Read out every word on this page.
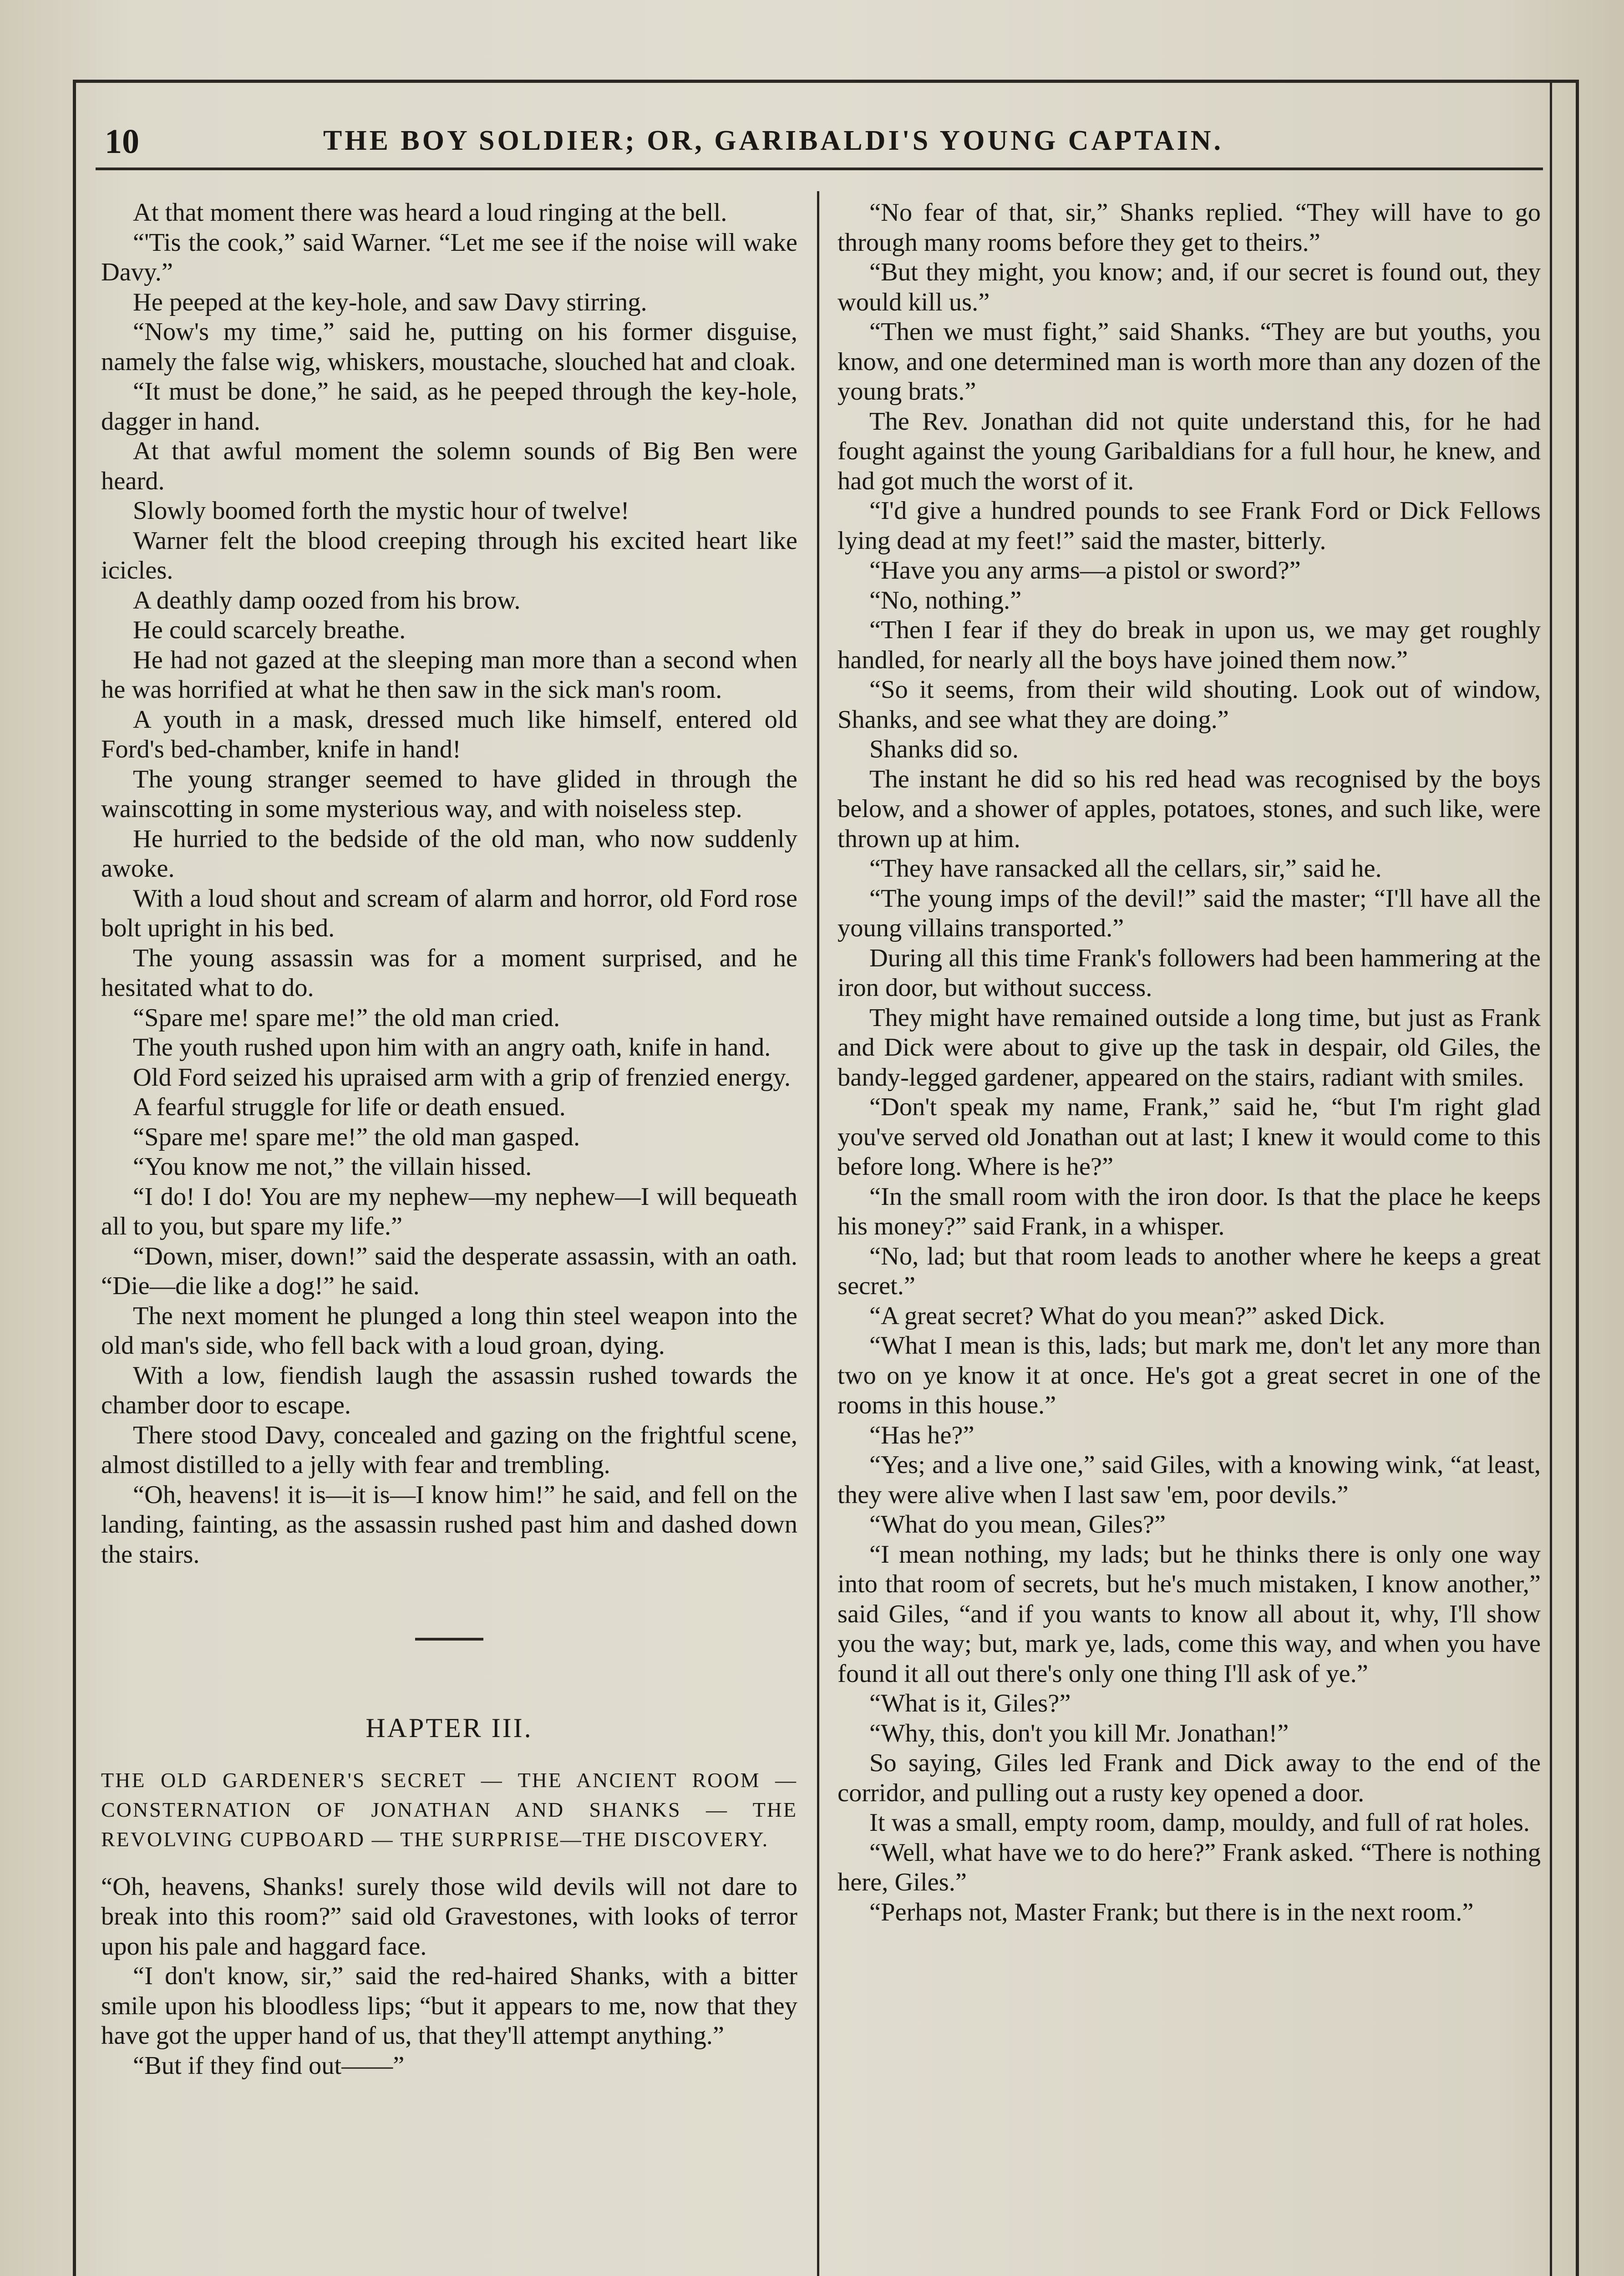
10	THE BOY SOLDIER; OR, GARIBALDI'S YOUNG CAPTAIN.

At that moment there was heard a loud ringing at the bell.

“'Tis the cook,” said Warner. “Let me see if the noise will wake Davy.”

He peeped at the key-hole, and saw Davy stirring.

“Now's my time,” said he, putting on his former disguise, namely the false wig, whiskers, moustache, slouched hat and cloak.

“It must be done,” he said, as he peeped through the key-hole, dagger in hand.

At that awful moment the solemn sounds of Big Ben were heard.

Slowly boomed forth the mystic hour of twelve!

Warner felt the blood creeping through his excited heart like icicles.

A deathly damp oozed from his brow.

He could scarcely breathe.

He had not gazed at the sleeping man more than a second when he was horrified at what he then saw in the sick man's room.

A youth in a mask, dressed much like himself, entered old Ford's bed-chamber, knife in hand!

The young stranger seemed to have glided in through the wainscotting in some mysterious way, and with noiseless step.

He hurried to the bedside of the old man, who now suddenly awoke.

With a loud shout and scream of alarm and horror, old Ford rose bolt upright in his bed.

The young assassin was for a moment surprised, and he hesitated what to do.

“Spare me! spare me!” the old man cried.

The youth rushed upon him with an angry oath, knife in hand.

Old Ford seized his upraised arm with a grip of frenzied energy.

A fearful struggle for life or death ensued.

“Spare me! spare me!” the old man gasped.

“You know me not,” the villain hissed.

“I do! I do! You are my nephew—my nephew—I will bequeath all to you, but spare my life.”

“Down, miser, down!” said the desperate assassin, with an oath. “Die—die like a dog!” he said.

The next moment he plunged a long thin steel weapon into the old man's side, who fell back with a loud groan, dying.

With a low, fiendish laugh the assassin rushed towards the chamber door to escape.

There stood Davy, concealed and gazing on the frightful scene, almost distilled to a jelly with fear and trembling.

“Oh, heavens! it is—it is—I know him!” he said, and fell on the landing, fainting, as the assassin rushed past him and dashed down the stairs.

HAPTER III.
THE OLD GARDENER'S SECRET — THE ANCIENT ROOM — CONSTERNATION OF JONATHAN AND SHANKS — THE REVOLVING CUPBOARD — THE SURPRISE—THE DISCOVERY.

“Oh, heavens, Shanks! surely those wild devils will not dare to break into this room?” said old Gravestones, with looks of terror upon his pale and haggard face.

“I don't know, sir,” said the red-haired Shanks, with a bitter smile upon his bloodless lips; “but it appears to me, now that they have got the upper hand of us, that they'll attempt anything.”

“But if they find out——”

“No fear of that, sir,” Shanks replied. “They will have to go through many rooms before they get to theirs.”

“But they might, you know; and, if our secret is found out, they would kill us.”

“Then we must fight,” said Shanks. “They are but youths, you know, and one determined man is worth more than any dozen of the young brats.”

The Rev. Jonathan did not quite understand this, for he had fought against the young Garibaldians for a full hour, he knew, and had got much the worst of it.

“I'd give a hundred pounds to see Frank Ford or Dick Fellows lying dead at my feet!” said the master, bitterly.

“Have you any arms—a pistol or sword?”

“No, nothing.”

“Then I fear if they do break in upon us, we may get roughly handled, for nearly all the boys have joined them now.”

“So it seems, from their wild shouting. Look out of window, Shanks, and see what they are doing.”

Shanks did so.

The instant he did so his red head was recognised by the boys below, and a shower of apples, potatoes, stones, and such like, were thrown up at him.

“They have ransacked all the cellars, sir,” said he.

“The young imps of the devil!” said the master; “I'll have all the young villains transported.”

During all this time Frank's followers had been hammering at the iron door, but without success.

They might have remained outside a long time, but just as Frank and Dick were about to give up the task in despair, old Giles, the bandy-legged gardener, appeared on the stairs, radiant with smiles.

“Don't speak my name, Frank,” said he, “but I'm right glad you've served old Jonathan out at last; I knew it would come to this before long. Where is he?”

“In the small room with the iron door. Is that the place he keeps his money?” said Frank, in a whisper.

“No, lad; but that room leads to another where he keeps a great secret.”

“A great secret? What do you mean?” asked Dick.

“What I mean is this, lads; but mark me, don't let any more than two on ye know it at once. He's got a great secret in one of the rooms in this house.”

“Has he?”

“Yes; and a live one,” said Giles, with a knowing wink, “at least, they were alive when I last saw 'em, poor devils.”

“What do you mean, Giles?”

“I mean nothing, my lads; but he thinks there is only one way into that room of secrets, but he's much mistaken, I know another,” said Giles, “and if you wants to know all about it, why, I'll show you the way; but, mark ye, lads, come this way, and when you have found it all out there's only one thing I'll ask of ye.”

“What is it, Giles?”

“Why, this, don't you kill Mr. Jonathan!”

So saying, Giles led Frank and Dick away to the end of the corridor, and pulling out a rusty key opened a door.

It was a small, empty room, damp, mouldy, and full of rat holes.

“Well, what have we to do here?” Frank asked. “There is nothing here, Giles.”

“Perhaps not, Master Frank; but there is in the next room.”
